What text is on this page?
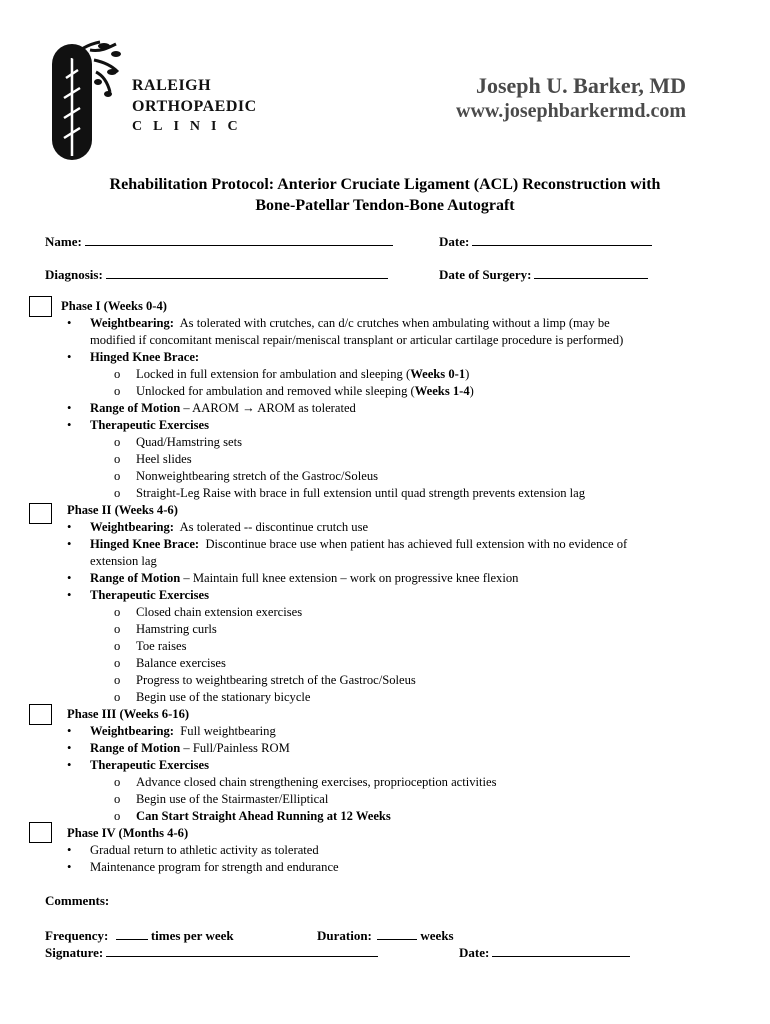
RALEIGH
ORTHOPAEDIC
CLINIC
Joseph U. Barker, MD
www.josephbarkermd.com
Rehabilitation Protocol: Anterior Cruciate Ligament (ACL) Reconstruction with
Bone-Patellar Tendon-Bone Autograft
Name:	Date:
Diagnosis:	Date of Surgery:
Phase I (Weeks 0-4)
• Weightbearing: As tolerated with crutches, can d/c crutches when ambulating without a limp (may be
modified if concomitant meniscal repair/meniscal transplant or articular cartilage procedure is performed)
• Hinged Knee Brace:
o Locked in full extension for ambulation and sleeping (Weeks 0-1)
o Unlocked for ambulation and removed while sleeping (Weeks 1-4)
• Range of Motion – AAROM → AROM as tolerated
• Therapeutic Exercises
o Quad/Hamstring sets
o Heel slides
o Nonweightbearing stretch of the Gastroc/Soleus
o Straight-Leg Raise with brace in full extension until quad strength prevents extension lag
Phase II (Weeks 4-6)
• Weightbearing: As tolerated -- discontinue crutch use
• Hinged Knee Brace: Discontinue brace use when patient has achieved full extension with no evidence of
extension lag
• Range of Motion – Maintain full knee extension – work on progressive knee flexion
• Therapeutic Exercises
o Closed chain extension exercises
o Hamstring curls
o Toe raises
o Balance exercises
o Progress to weightbearing stretch of the Gastroc/Soleus
o Begin use of the stationary bicycle
Phase III (Weeks 6-16)
• Weightbearing: Full weightbearing
• Range of Motion – Full/Painless ROM
• Therapeutic Exercises
o Advance closed chain strengthening exercises, proprioception activities
o Begin use of the Stairmaster/Elliptical
o Can Start Straight Ahead Running at 12 Weeks
Phase IV (Months 4-6)
• Gradual return to athletic activity as tolerated
• Maintenance program for strength and endurance
Comments:
Frequency:	times per week	Duration:	weeks
Signature:	Date:
